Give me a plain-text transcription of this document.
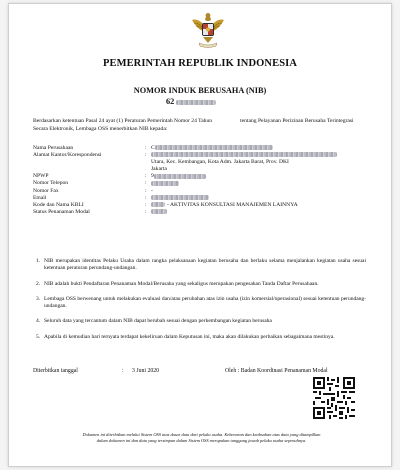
PEMERINTAH REPUBLIK INDONESIA
NOMOR INDUK BERUSAHA (NIB)
62
Berdasarkan ketentuan Pasal 24 ayat (1) Peraturan Pemerintah Nomor 24 Tahun	tentang Pelayanan Perizinan Berusaha Terintegrasi Secara Elektronik, Lembaga OSS menerbitkan NIB kepada:
Nama Perusahaan	: C
Alamat Kantor/Korespondensi	:
Utara, Kec. Kembangan, Kota Adm. Jakarta Barat, Prov. DKI
Jakarta
NPWP	: 9
Nomor Telepon	:
Nomor Fax	: -
Email	:
Kode dan Nama KBLI	:	- AKTIVITAS KONSULTASI MANAJEMEN LAINNYA
Status Penanaman Modal	:
1. NIB merupakan identitas Pelaku Usaha dalam rangka pelaksanaan kegiatan berusaha dan berlaku selama menjalankan kegiatan usaha sesuai ketentuan peraturan perundang-undangan.
2. NIB adalah bukti Pendaftaran Penanaman Modal/Berusaha yang sekaligus merupakan pengesahan Tanda Daftar Perusahaan.
3. Lembaga OSS berwenang untuk melakukan evaluasi dan/atau perubahan atas izin usaha (izin komersial/operasional) sesuai ketentuan perundang-undangan.
4. Seluruh data yang tercantum dalam NIB dapat berubah sesuai dengan perkembangan kegiatan berusaha
5. Apabila di kemudian hari ternyata terdapat kekeliruan dalam Keputusan ini, maka akan dilakukan perbaikan sebagaimana mestinya.
Diterbitkan tanggal	: 3 Juni 2020	Oleh : Badan Koordinasi Penanaman Modal
Dokumen ini diterbitkan melalui Sistem OSS atas dasar data dari pelaku usaha. Kebenaran dan keabsahan atas data yang ditampilkan
dalam dokumen ini dan data yang tersimpan dalam Sistem OSS merupakan tanggung jawab pelaku usaha sepenuhnya.
